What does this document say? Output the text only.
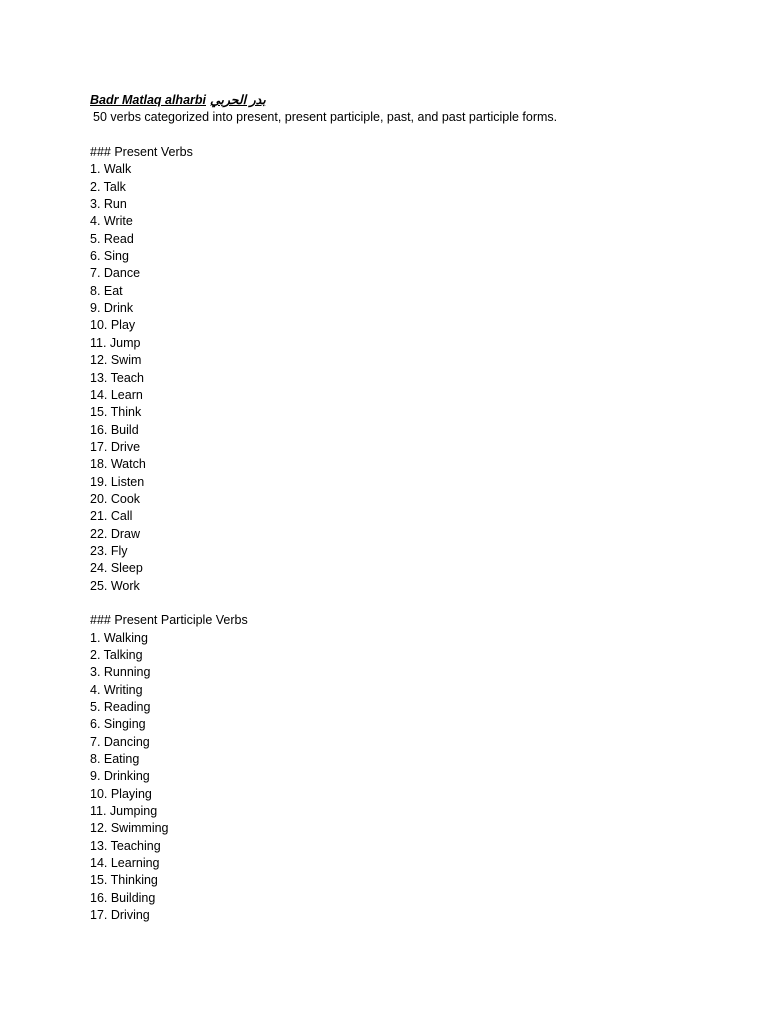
Badr Matlaq alharbi بدر الحربي
50 verbs categorized into present, present participle, past, and past participle forms.
### Present Verbs
1. Walk
2. Talk
3. Run
4. Write
5. Read
6. Sing
7. Dance
8. Eat
9. Drink
10. Play
11. Jump
12. Swim
13. Teach
14. Learn
15. Think
16. Build
17. Drive
18. Watch
19. Listen
20. Cook
21. Call
22. Draw
23. Fly
24. Sleep
25. Work
### Present Participle Verbs
1. Walking
2. Talking
3. Running
4. Writing
5. Reading
6. Singing
7. Dancing
8. Eating
9. Drinking
10. Playing
11. Jumping
12. Swimming
13. Teaching
14. Learning
15. Thinking
16. Building
17. Driving
